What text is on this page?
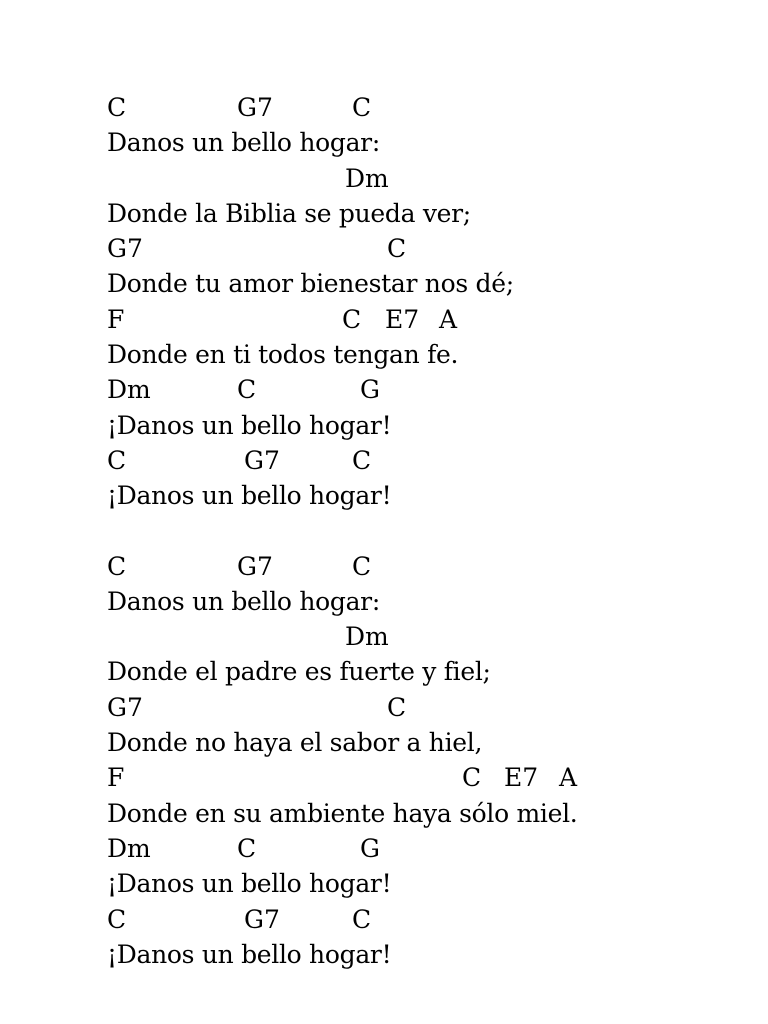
C	G7	C
Danos un bello hogar:
Dm
Donde la Biblia se pueda ver;
G7	C
Donde tu amor bienestar nos dé;
F	C E7 A
Donde en ti todos tengan fe.
Dm	C	G
¡Danos un bello hogar!
C	G7	C
¡Danos un bello hogar!
C	G7	C
Danos un bello hogar:
Dm
Donde el padre es fuerte y fiel;
G7	C
Donde no haya el sabor a hiel,
F	C E7 A
Donde en su ambiente haya sólo miel.
Dm	C	G
¡Danos un bello hogar!
C	G7	C
¡Danos un bello hogar!
